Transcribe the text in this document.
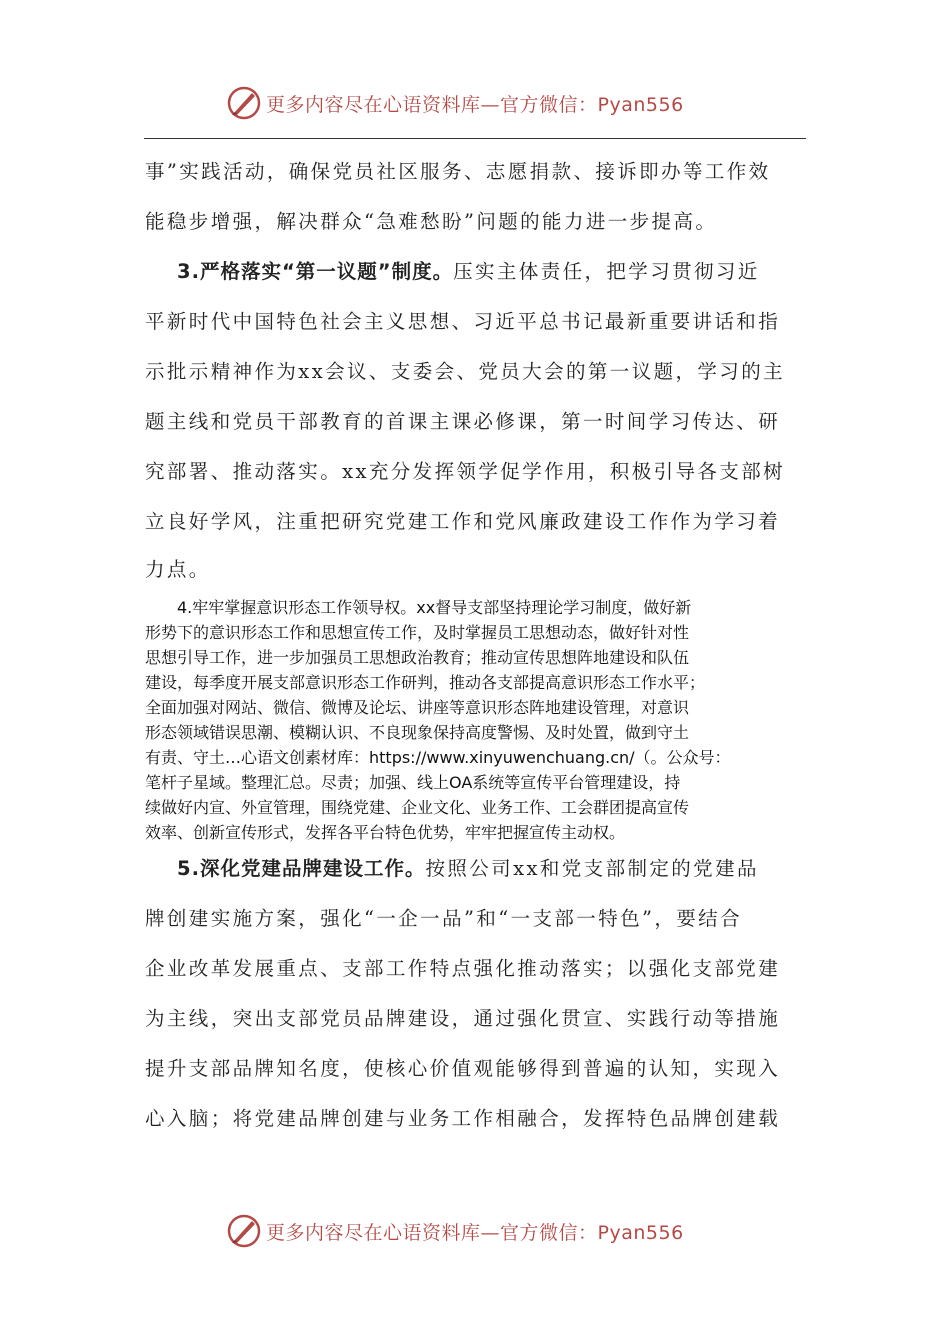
更多内容尽在心语资料库—官方微信：Pyan556
事”实践活动，确保党员社区服务、志愿捐款、接诉即办等工作效
能稳步增强，解决群众“急难愁盼”问题的能力进一步提高。
3.严格落实“第一议题”制度。压实主体责任，把学习贯彻习近
平新时代中国特色社会主义思想、习近平总书记最新重要讲话和指
示批示精神作为xx会议、支委会、党员大会的第一议题，学习的主
题主线和党员干部教育的首课主课必修课，第一时间学习传达、研
究部署、推动落实。xx充分发挥领学促学作用，积极引导各支部树
立良好学风，注重把研究党建工作和党风廉政建设工作作为学习着
力点。
4.牢牢掌握意识形态工作领导权。xx督导支部坚持理论学习制度，做好新
形势下的意识形态工作和思想宣传工作，及时掌握员工思想动态，做好针对性
思想引导工作，进一步加强员工思想政治教育；推动宣传思想阵地建设和队伍
建设，每季度开展支部意识形态工作研判，推动各支部提高意识形态工作水平；
全面加强对网站、微信、微博及论坛、讲座等意识形态阵地建设管理，对意识
形态领域错误思潮、模糊认识、不良现象保持高度警惕、及时处置，做到守土
有责、守土…心语文创素材库：https://www.xinyuwenchuang.cn/（。公众号：
笔杆子星域。整理汇总。尽责；加强、线上OA系统等宣传平台管理建设，持
续做好内宣、外宣管理，围绕党建、企业文化、业务工作、工会群团提高宣传
效率、创新宣传形式，发挥各平台特色优势，牢牢把握宣传主动权。
5.深化党建品牌建设工作。按照公司xx和党支部制定的党建品
牌创建实施方案，强化“一企一品”和“一支部一特色”，要结合
企业改革发展重点、支部工作特点强化推动落实；以强化支部党建
为主线，突出支部党员品牌建设，通过强化贯宣、实践行动等措施
提升支部品牌知名度，使核心价值观能够得到普遍的认知，实现入
心入脑；将党建品牌创建与业务工作相融合，发挥特色品牌创建载
更多内容尽在心语资料库—官方微信：Pyan556
